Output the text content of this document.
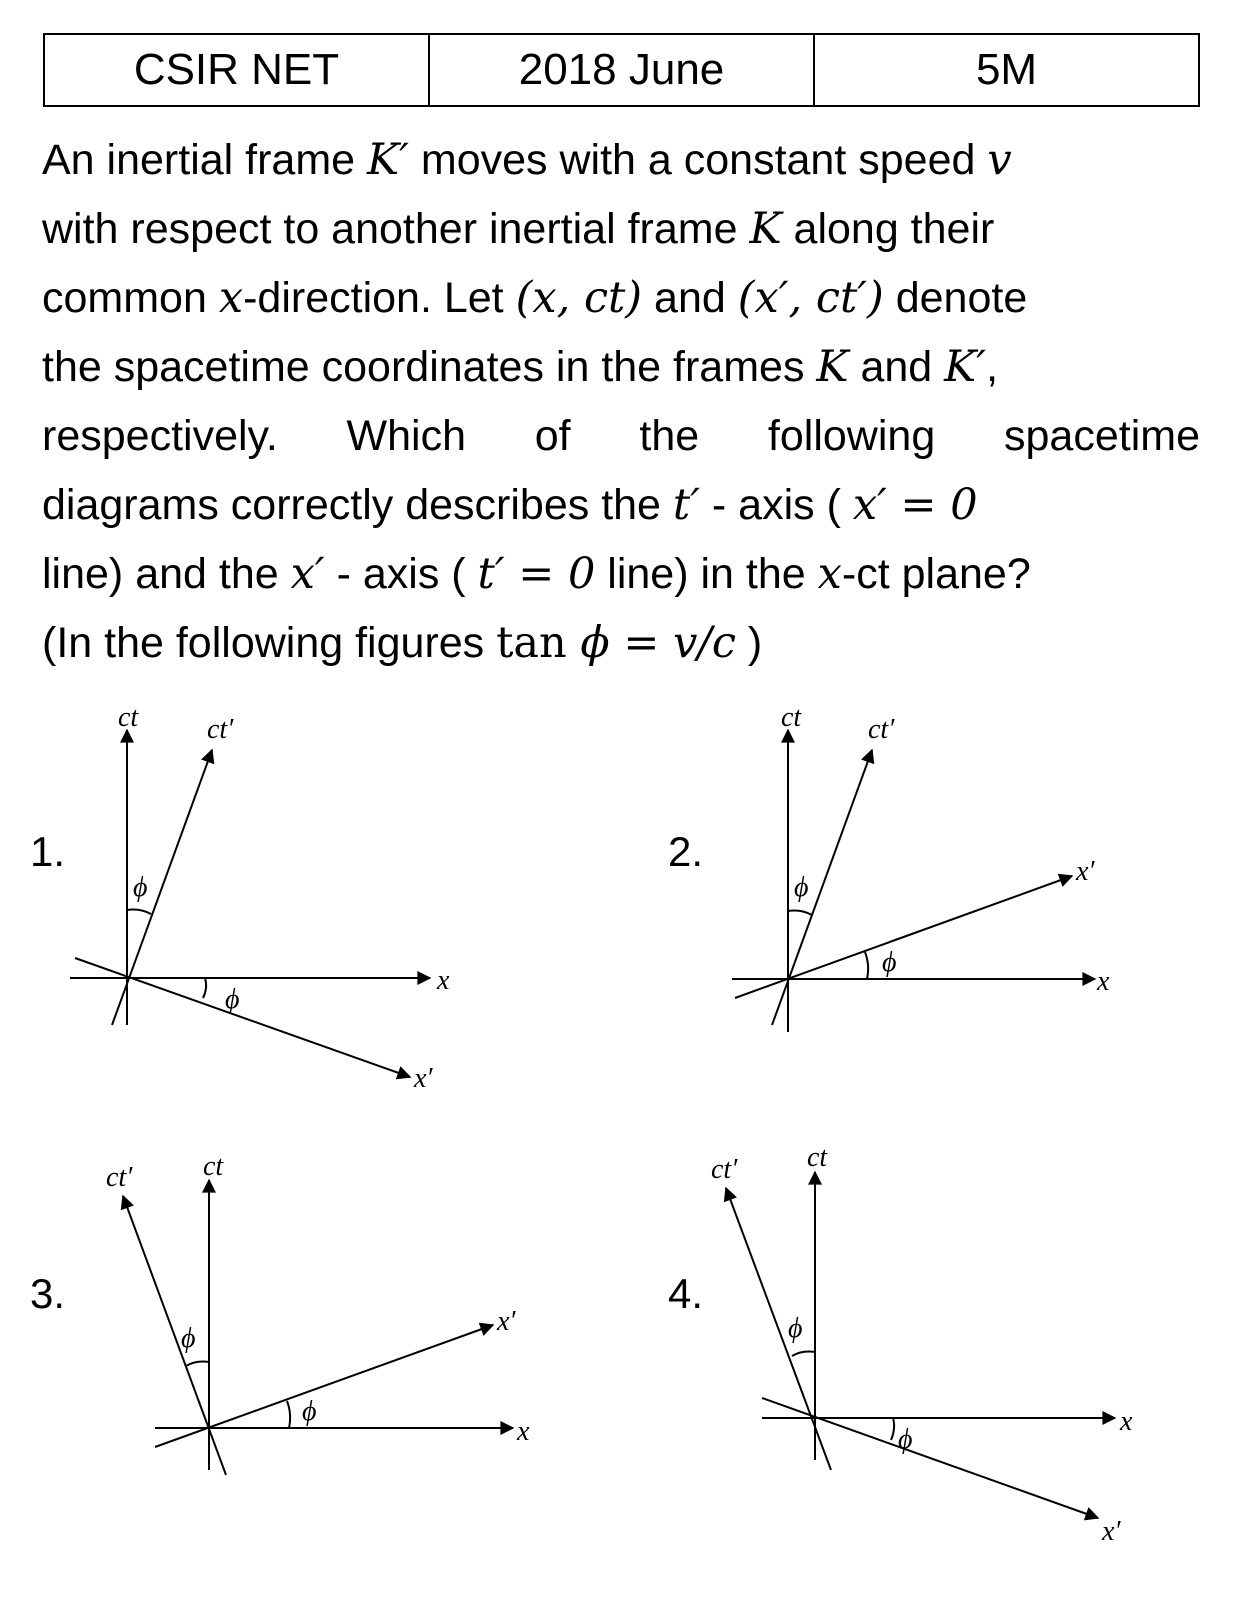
CSIR NET	2018 June	5M
An inertial frame K′ moves with a constant speed v
with respect to another inertial frame K along their
common x-direction. Let (x, ct) and (x′, ct′) denote
the spacetime coordinates in the frames K and K′,
respectively. Which of the following spacetime
diagrams correctly describes the t′ - axis ( x′ = 0
line) and the x′ - axis ( t′ = 0 line) in the x-ct plane?
(In the following figures tan ϕ = v/c )
1.	2.
3.	4.
ct ct′
x
x′
ϕ
ϕ
ct ct′
x
x′
ϕ
ϕ
ct′	ct
x
x′
ϕ
ϕ
ct′ ct
x
x′
ϕ
ϕ
